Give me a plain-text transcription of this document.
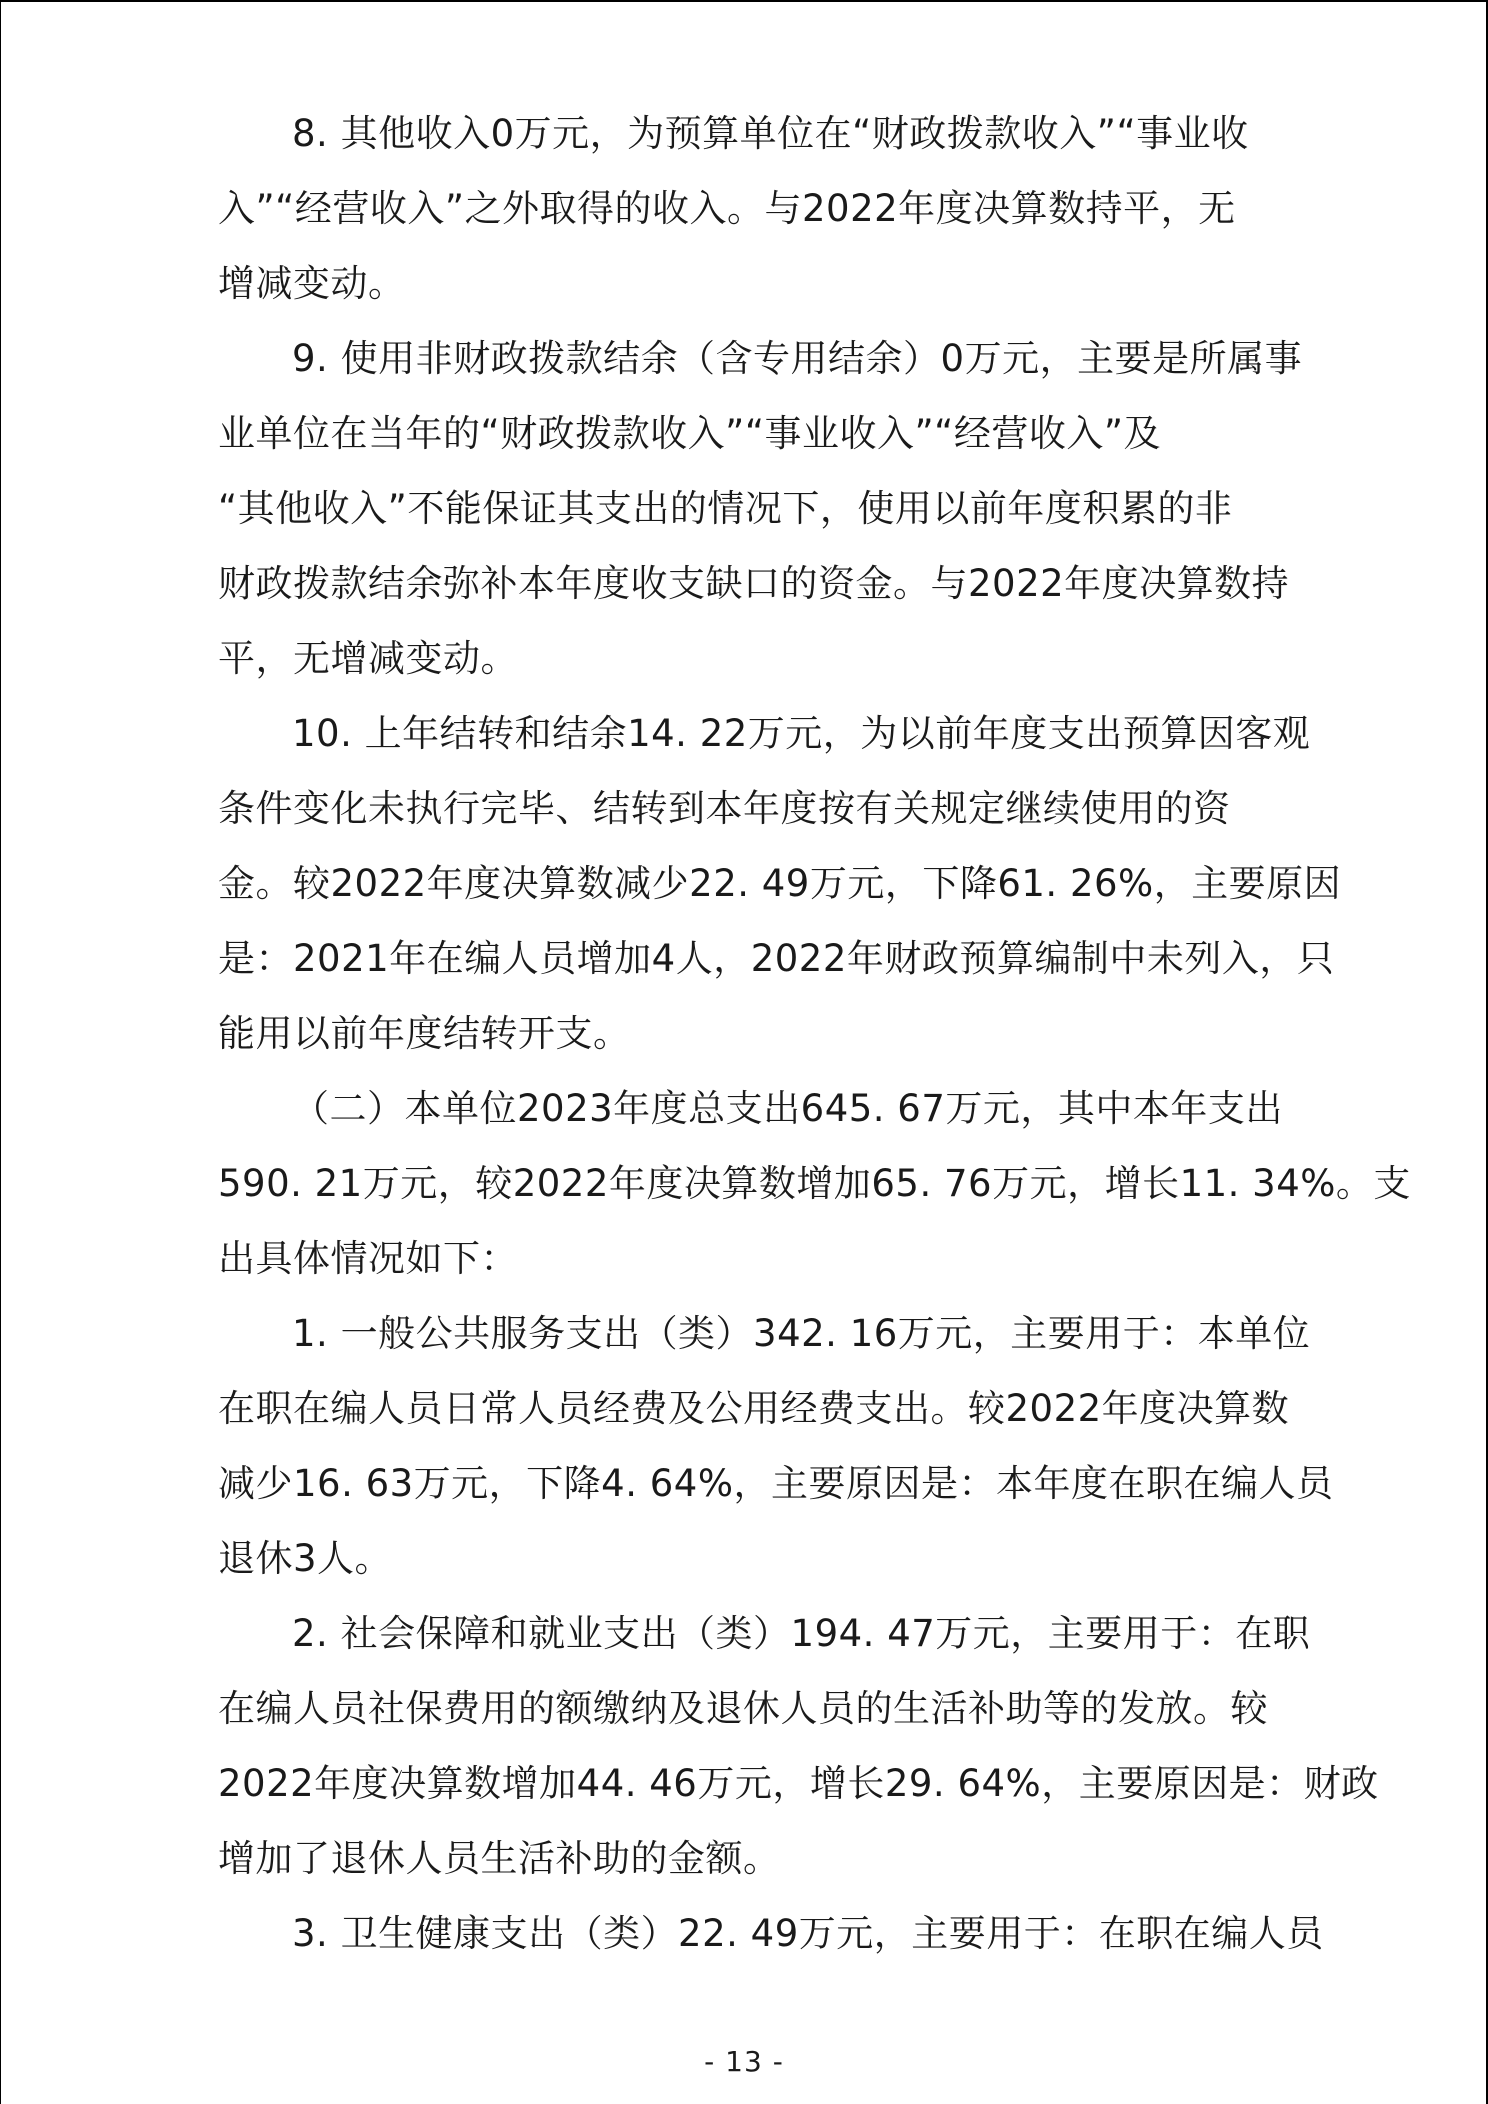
8. 其他收入0万元，为预算单位在“财政拨款收入”“事业收
入”“经营收入”之外取得的收入。与2022年度决算数持平，无
增减变动。

9. 使用非财政拨款结余（含专用结余）0万元，主要是所属事
业单位在当年的“财政拨款收入”“事业收入”“经营收入”及
“其他收入”不能保证其支出的情况下，使用以前年度积累的非
财政拨款结余弥补本年度收支缺口的资金。与2022年度决算数持
平，无增减变动。

10. 上年结转和结余14. 22万元，为以前年度支出预算因客观
条件变化未执行完毕、结转到本年度按有关规定继续使用的资
金。较2022年度决算数减少22. 49万元，下降61. 26%，主要原因
是：2021年在编人员增加4人，2022年财政预算编制中未列入，只
能用以前年度结转开支。

（二）本单位2023年度总支出645. 67万元，其中本年支出
590. 21万元，较2022年度决算数增加65. 76万元，增长11. 34%。支
出具体情况如下：

1. 一般公共服务支出（类）342. 16万元，主要用于：本单位
在职在编人员日常人员经费及公用经费支出。较2022年度决算数
减少16. 63万元，下降4. 64%，主要原因是：本年度在职在编人员
退休3人。

2. 社会保障和就业支出（类）194. 47万元，主要用于：在职
在编人员社保费用的额缴纳及退休人员的生活补助等的发放。较
2022年度决算数增加44. 46万元，增长29. 64%，主要原因是：财政
增加了退休人员生活补助的金额。

3. 卫生健康支出（类）22. 49万元，主要用于：在职在编人员

- 13 -
